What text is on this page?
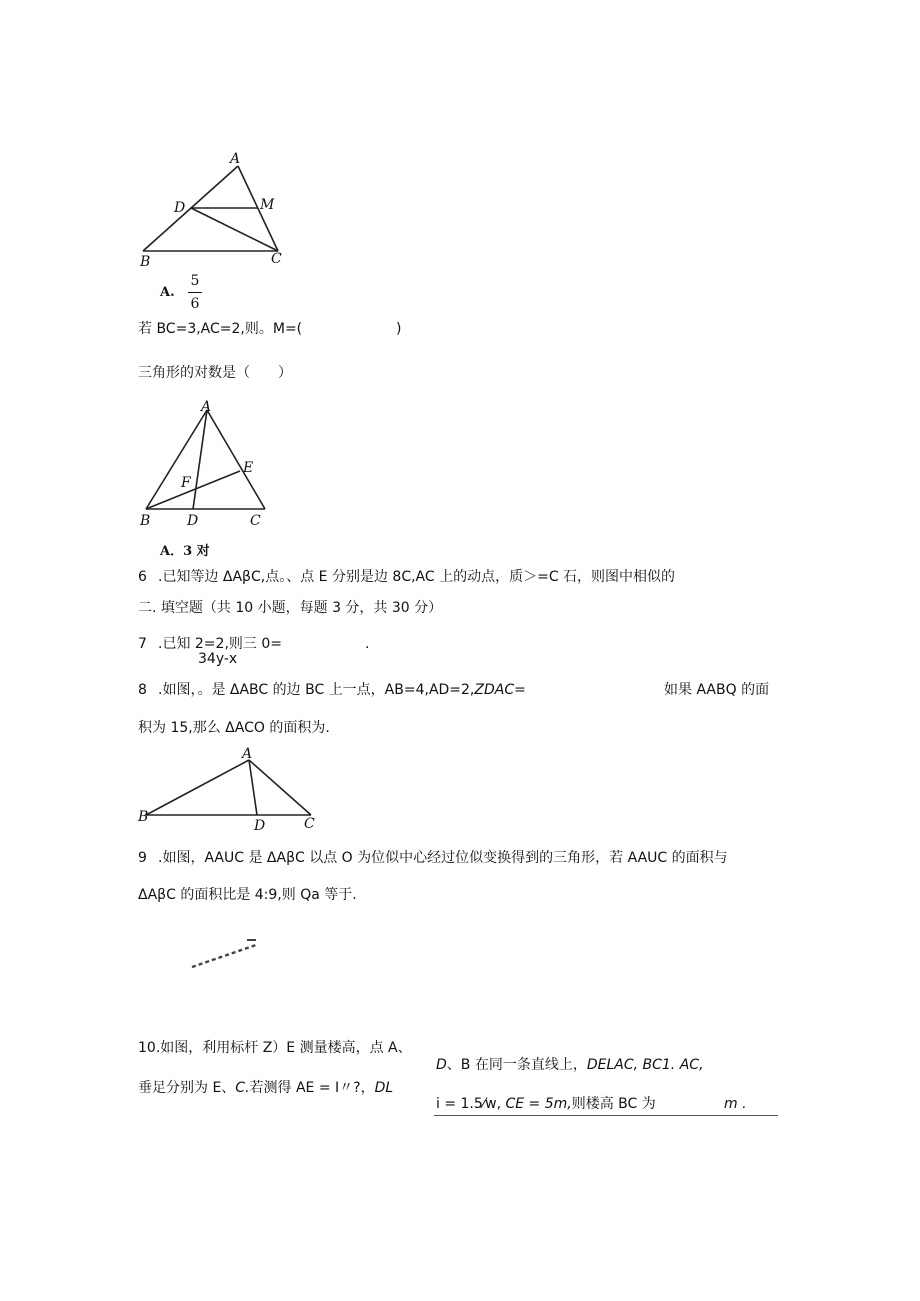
A
D	M
B	C
A.
5
6
若 BC=3,AC=2,则。M=(	)
三角形的对数是（　　）
A
E
F
B	D	C
A．3 对
6 .已知等边 ΔAβC,点。、点 E 分别是边 8C,AC 上的动点，质＞=C 石，则图中相似的
二. 填空题（共 10 小题，每题 3 分，共 30 分）
7 .已知 2=2,则三 0=
34y-x
.
8 .如图，。是 ΔABC 的边 BC 上一点，AB=4,AD=2,ZDAC=	如果 AABQ 的面
积为 15,那么 ΔACO 的面积为.
A
B
D	C
9 .如图，AAUC 是 ΔAβC 以点 O 为位似中心经过位似变换得到的三角形，若 AAUC 的面积与
ΔAβC 的面积比是 4:9,则 Qa 等于.
10.如图，利用标杆 Z）E 测量楼高，点 A、
D、B 在同一条直线上，DELAC, BC1. AC,
垂足分别为 E、C.若测得 AE = I〃?，DL
i = 1.5⁄w, CE = 5m,则楼高 BC 为	m .
